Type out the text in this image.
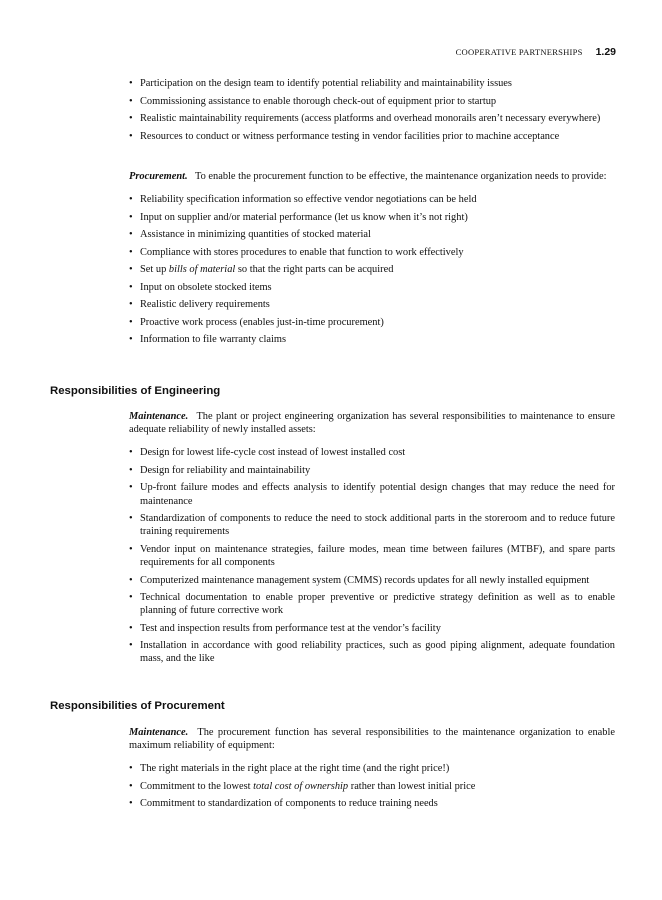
COOPERATIVE PARTNERSHIPS 1.29
• Participation on the design team to identify potential reliability and maintainability issues
• Commissioning assistance to enable thorough check-out of equipment prior to startup
• Realistic maintainability requirements (access platforms and overhead monorails aren’t necessary everywhere)
• Resources to conduct or witness performance testing in vendor facilities prior to machine acceptance

Procurement. To enable the procurement function to be effective, the maintenance organization needs to provide:

• Reliability specification information so effective vendor negotiations can be held
• Input on supplier and/or material performance (let us know when it’s not right)
• Assistance in minimizing quantities of stocked material
• Compliance with stores procedures to enable that function to work effectively
• Set up bills of material so that the right parts can be acquired
• Input on obsolete stocked items
• Realistic delivery requirements
• Proactive work process (enables just-in-time procurement)
• Information to file warranty claims
Responsibilities of Engineering

Maintenance. The plant or project engineering organization has several responsibilities to maintenance to ensure adequate reliability of newly installed assets:

• Design for lowest life-cycle cost instead of lowest installed cost
• Design for reliability and maintainability
• Up-front failure modes and effects analysis to identify potential design changes that may reduce the need for maintenance
• Standardization of components to reduce the need to stock additional parts in the storeroom and to reduce future training requirements
• Vendor input on maintenance strategies, failure modes, mean time between failures (MTBF), and spare parts requirements for all components
• Computerized maintenance management system (CMMS) records updates for all newly installed equipment
• Technical documentation to enable proper preventive or predictive strategy definition as well as to enable planning of future corrective work
• Test and inspection results from performance test at the vendor’s facility
• Installation in accordance with good reliability practices, such as good piping alignment, adequate foundation mass, and the like
Responsibilities of Procurement

Maintenance. The procurement function has several responsibilities to the maintenance organization to enable maximum reliability of equipment:

• The right materials in the right place at the right time (and the right price!)
• Commitment to the lowest total cost of ownership rather than lowest initial price
• Commitment to standardization of components to reduce training needs
